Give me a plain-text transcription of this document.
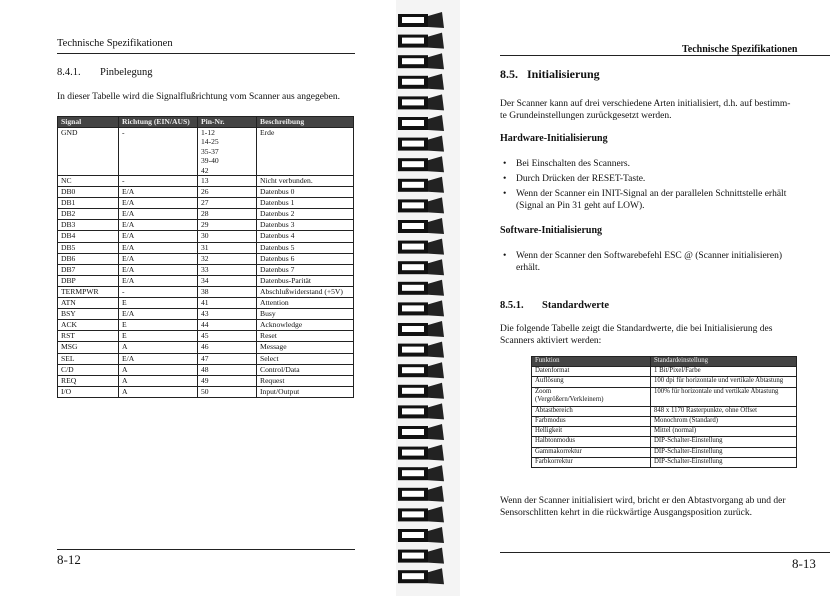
Technische Spezifikationen
8.4.1. Pinbelegung
In dieser Tabelle wird die Signalflußrichtung vom Scanner aus angegeben.
Signal	Richtung (EIN/AUS)	Pin-Nr.	Beschreibung
GND	-	1-12
14-25
35-37
39-40
42	Erde
NC	-	13	Nicht verbunden.
DB0	E/A	26	Datenbus 0
DB1	E/A	27	Datenbus 1
DB2	E/A	28	Datenbus 2
DB3	E/A	29	Datenbus 3
DB4	E/A	30	Datenbus 4
DB5	E/A	31	Datenbus 5
DB6	E/A	32	Datenbus 6
DB7	E/A	33	Datenbus 7
DBP	E/A	34	Datenbus-Parität
TERMPWR	-	38	Abschlußwiderstand (+5V)
ATN	E	41	Attention
BSY	E/A	43	Busy
ACK	E	44	Acknowledge
RST	E	45	Reset
MSG	A	46	Message
SEL	E/A	47	Select
C/D	A	48	Control/Data
REQ	A	49	Request
I/O	A	50	Input/Output
8-12
Technische Spezifikationen
8.5. Initialisierung
Der Scanner kann auf drei verschiedene Arten initialisiert, d.h. auf bestimm-
te Grundeinstellungen zurückgesetzt werden.
Hardware-Initialisierung
• Bei Einschalten des Scanners.
• Durch Drücken der RESET-Taste.
• Wenn der Scanner ein INIT-Signal an der parallelen Schnittstelle erhält
(Signal an Pin 31 geht auf LOW).
Software-Initialisierung
• Wenn der Scanner den Softwarebefehl ESC @ (Scanner initialisieren)
erhält.
8.5.1. Standardwerte
Die folgende Tabelle zeigt die Standardwerte, die bei Initialisierung des
Scanners aktiviert werden:
Wenn der Scanner initialisiert wird, bricht er den Abtastvorgang ab und der
Sensorschlitten kehrt in die rückwärtige Ausgangsposition zurück.
8-13
Funktion	Standardeinstellung
Datenformat	1 Bit/Pixel/Farbe
Auflösung	100 dpi für horizontale und vertikale Abtastung
Zoom
(Vergrößern/Verkleinern)	100% für horizontale und vertikale Abtastung
Abtastbereich	848 x 1170 Rasterpunkte, ohne Offset
Farbmodus	Monochrom (Standard)
Helligkeit	Mittel (normal)
Halbtonmodus	DIP-Schalter-Einstellung
Gammakorrektur	DIP-Schalter-Einstellung
Farbkorrektur	DIP-Schalter-Einstellung
